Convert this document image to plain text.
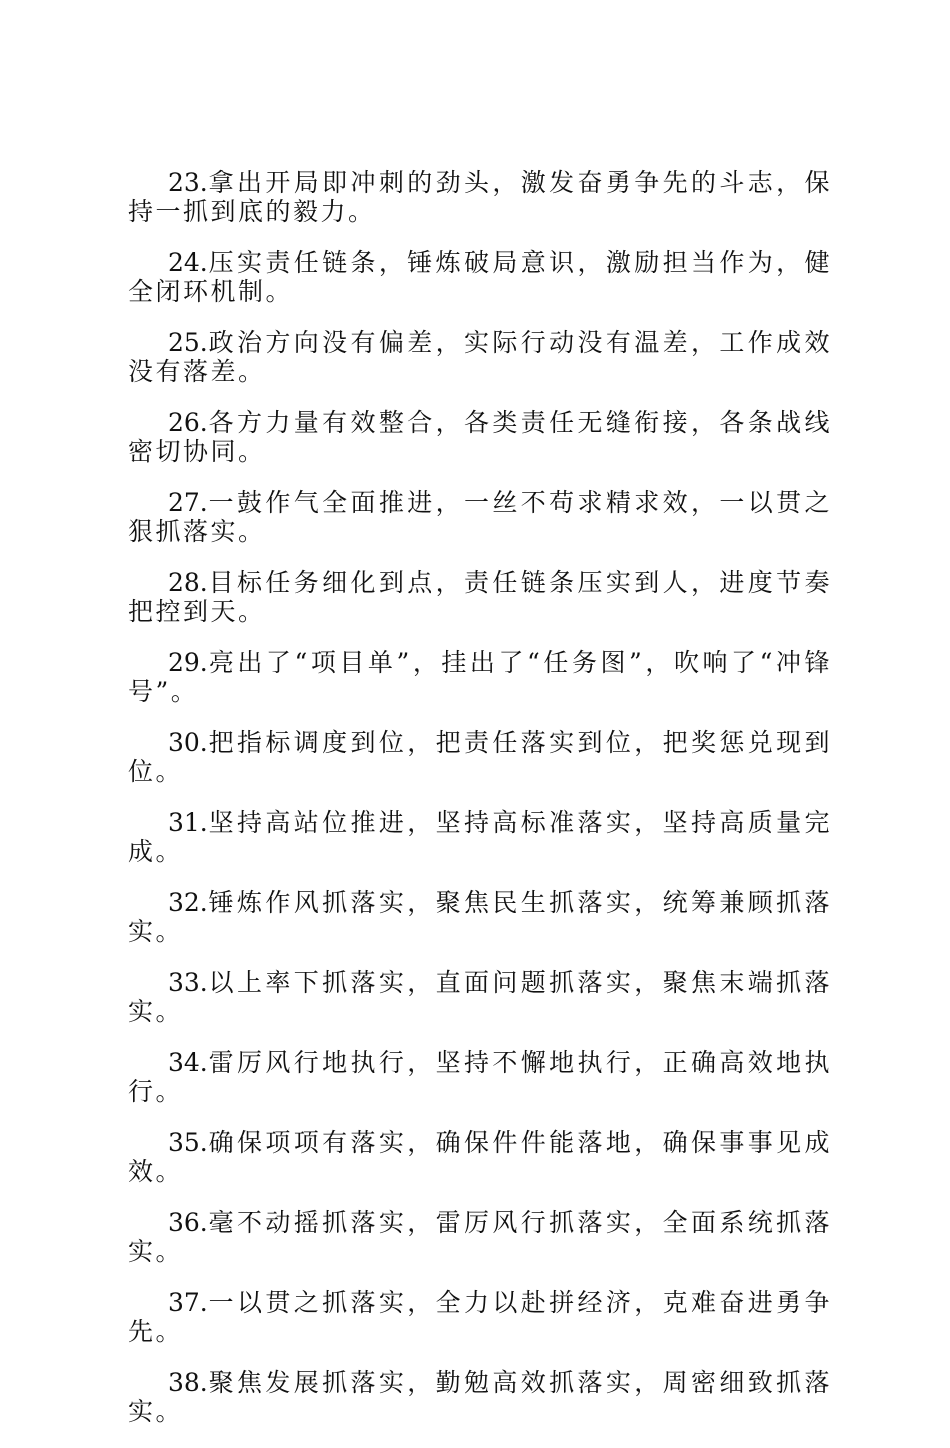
23.拿出开局即冲刺的劲头，激发奋勇争先的斗志，保持一抓到底的毅力。

24.压实责任链条，锤炼破局意识，激励担当作为，健全闭环机制。

25.政治方向没有偏差，实际行动没有温差，工作成效没有落差。

26.各方力量有效整合，各类责任无缝衔接，各条战线密切协同。

27.一鼓作气全面推进，一丝不苟求精求效，一以贯之狠抓落实。

28.目标任务细化到点，责任链条压实到人，进度节奏把控到天。

29.亮出了“项目单”，挂出了“任务图”，吹响了“冲锋号”。

30.把指标调度到位，把责任落实到位，把奖惩兑现到位。

31.坚持高站位推进，坚持高标准落实，坚持高质量完成。

32.锤炼作风抓落实，聚焦民生抓落实，统筹兼顾抓落实。

33.以上率下抓落实，直面问题抓落实，聚焦末端抓落实。

34.雷厉风行地执行，坚持不懈地执行，正确高效地执行。

35.确保项项有落实，确保件件能落地，确保事事见成效。

36.毫不动摇抓落实，雷厉风行抓落实，全面系统抓落实。

37.一以贯之抓落实，全力以赴拼经济，克难奋进勇争先。

38.聚焦发展抓落实，勤勉高效抓落实，周密细致抓落实。
